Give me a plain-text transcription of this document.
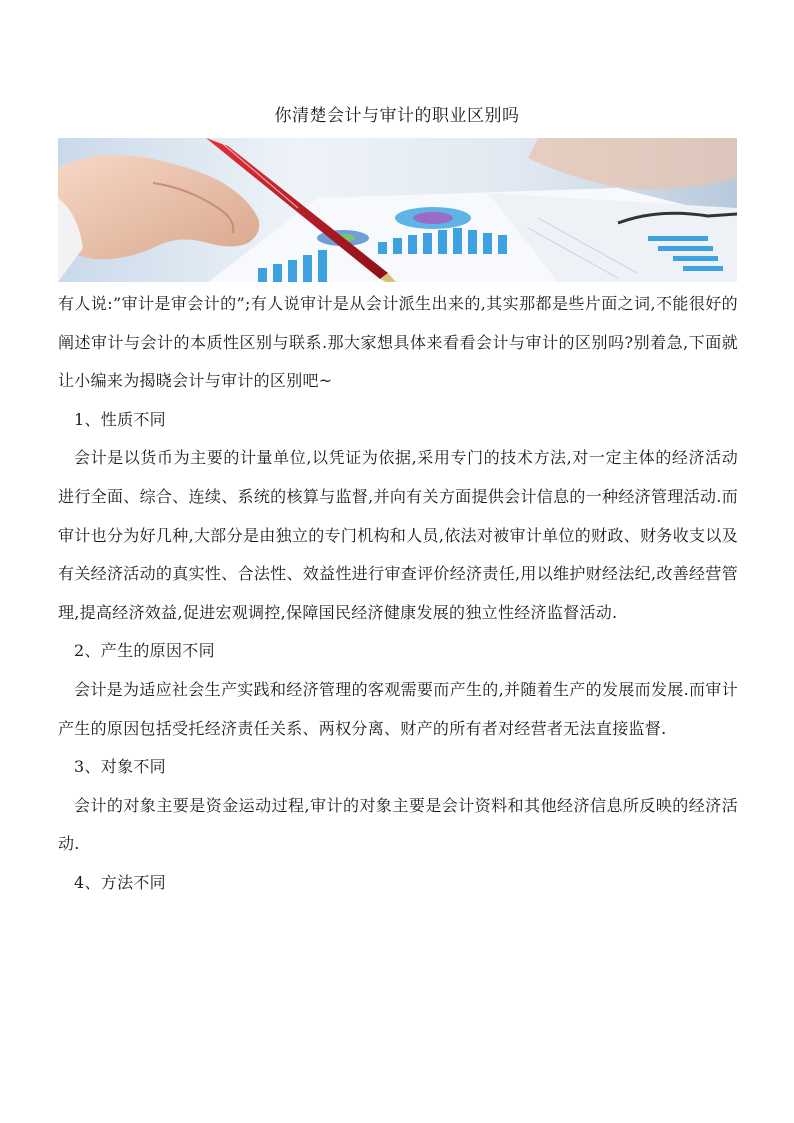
你清楚会计与审计的职业区别吗

有人说:”审计是审会计的”;有人说审计是从会计派生出来的,其实那都是些片面之词,不能很好的阐述审计与会计的本质性区别与联系.那大家想具体来看看会计与审计的区别吗?别着急,下面就让小编来为揭晓会计与审计的区别吧~

1、性质不同

会计是以货币为主要的计量单位,以凭证为依据,采用专门的技术方法,对一定主体的经济活动进行全面、综合、连续、系统的核算与监督,并向有关方面提供会计信息的一种经济管理活动.而审计也分为好几种,大部分是由独立的专门机构和人员,依法对被审计单位的财政、财务收支以及有关经济活动的真实性、合法性、效益性进行审查评价经济责任,用以维护财经法纪,改善经营管理,提高经济效益,促进宏观调控,保障国民经济健康发展的独立性经济监督活动.

2、产生的原因不同

会计是为适应社会生产实践和经济管理的客观需要而产生的,并随着生产的发展而发展.而审计产生的原因包括受托经济责任关系、两权分离、财产的所有者对经营者无法直接监督.

3、对象不同

会计的对象主要是资金运动过程,审计的对象主要是会计资料和其他经济信息所反映的经济活动.

4、方法不同
